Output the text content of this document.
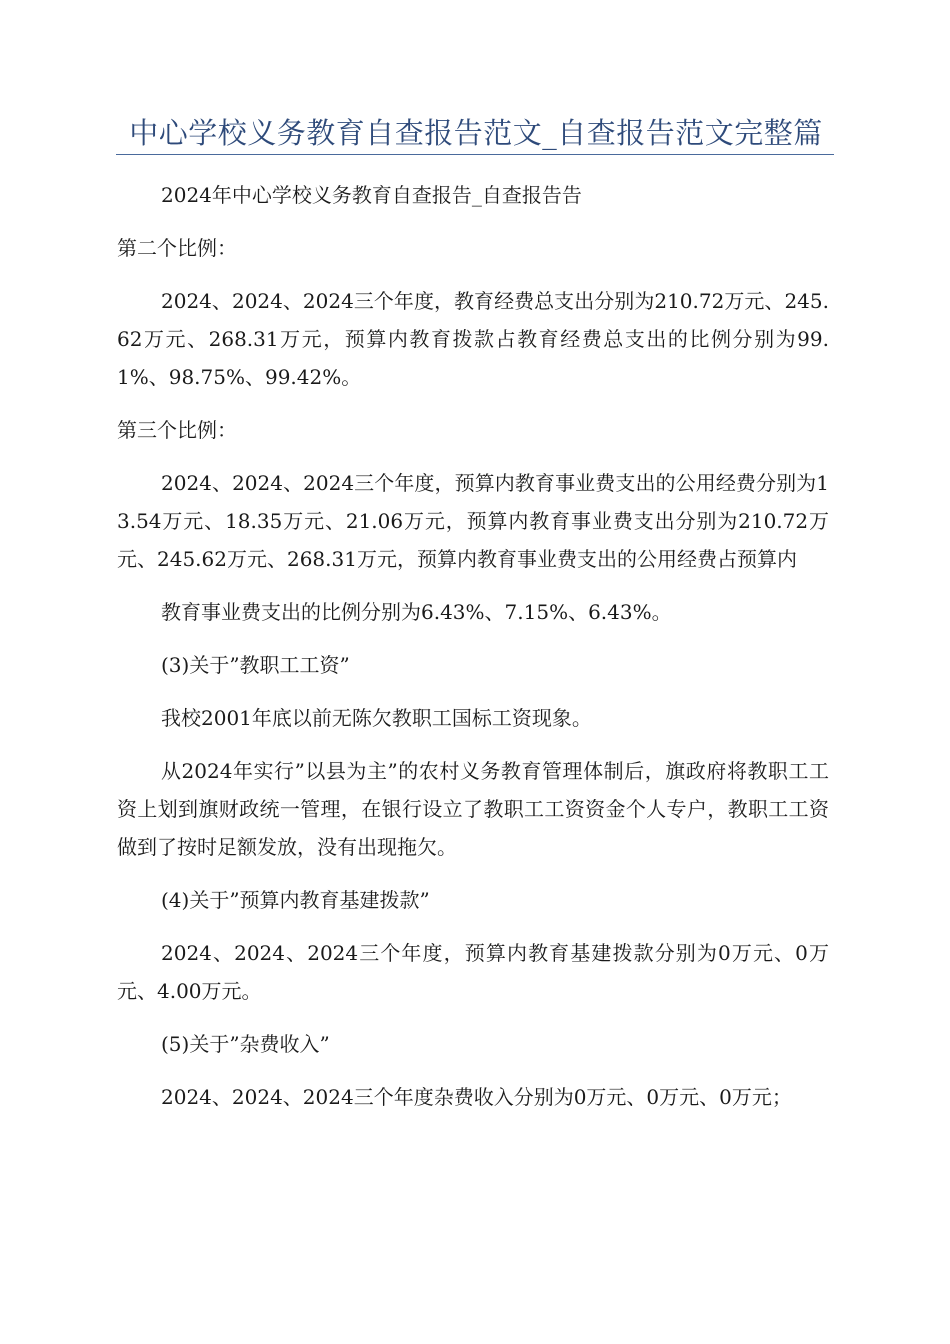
中心学校义务教育自查报告范文_自查报告范文完整篇

2024年中心学校义务教育自查报告_自查报告告

第二个比例：

2024、2024、2024三个年度，教育经费总支出分别为210.72万元、245.62万元、268.31万元，预算内教育拨款占教育经费总支出的比例分别为99.1%、98.75%、99.42%。

第三个比例：

2024、2024、2024三个年度，预算内教育事业费支出的公用经费分别为13.54万元、18.35万元、21.06万元，预算内教育事业费支出分别为210.72万元、245.62万元、268.31万元，预算内教育事业费支出的公用经费占预算内

教育事业费支出的比例分别为6.43%、7.15%、6.43%。

(3)关于”教职工工资”

我校2001年底以前无陈欠教职工国标工资现象。

从2024年实行”以县为主”的农村义务教育管理体制后，旗政府将教职工工资上划到旗财政统一管理，在银行设立了教职工工资资金个人专户，教职工工资做到了按时足额发放，没有出现拖欠。

(4)关于”预算内教育基建拨款”

2024、2024、2024三个年度，预算内教育基建拨款分别为0万元、0万元、4.00万元。

(5)关于”杂费收入”

2024、2024、2024三个年度杂费收入分别为0万元、0万元、0万元；
